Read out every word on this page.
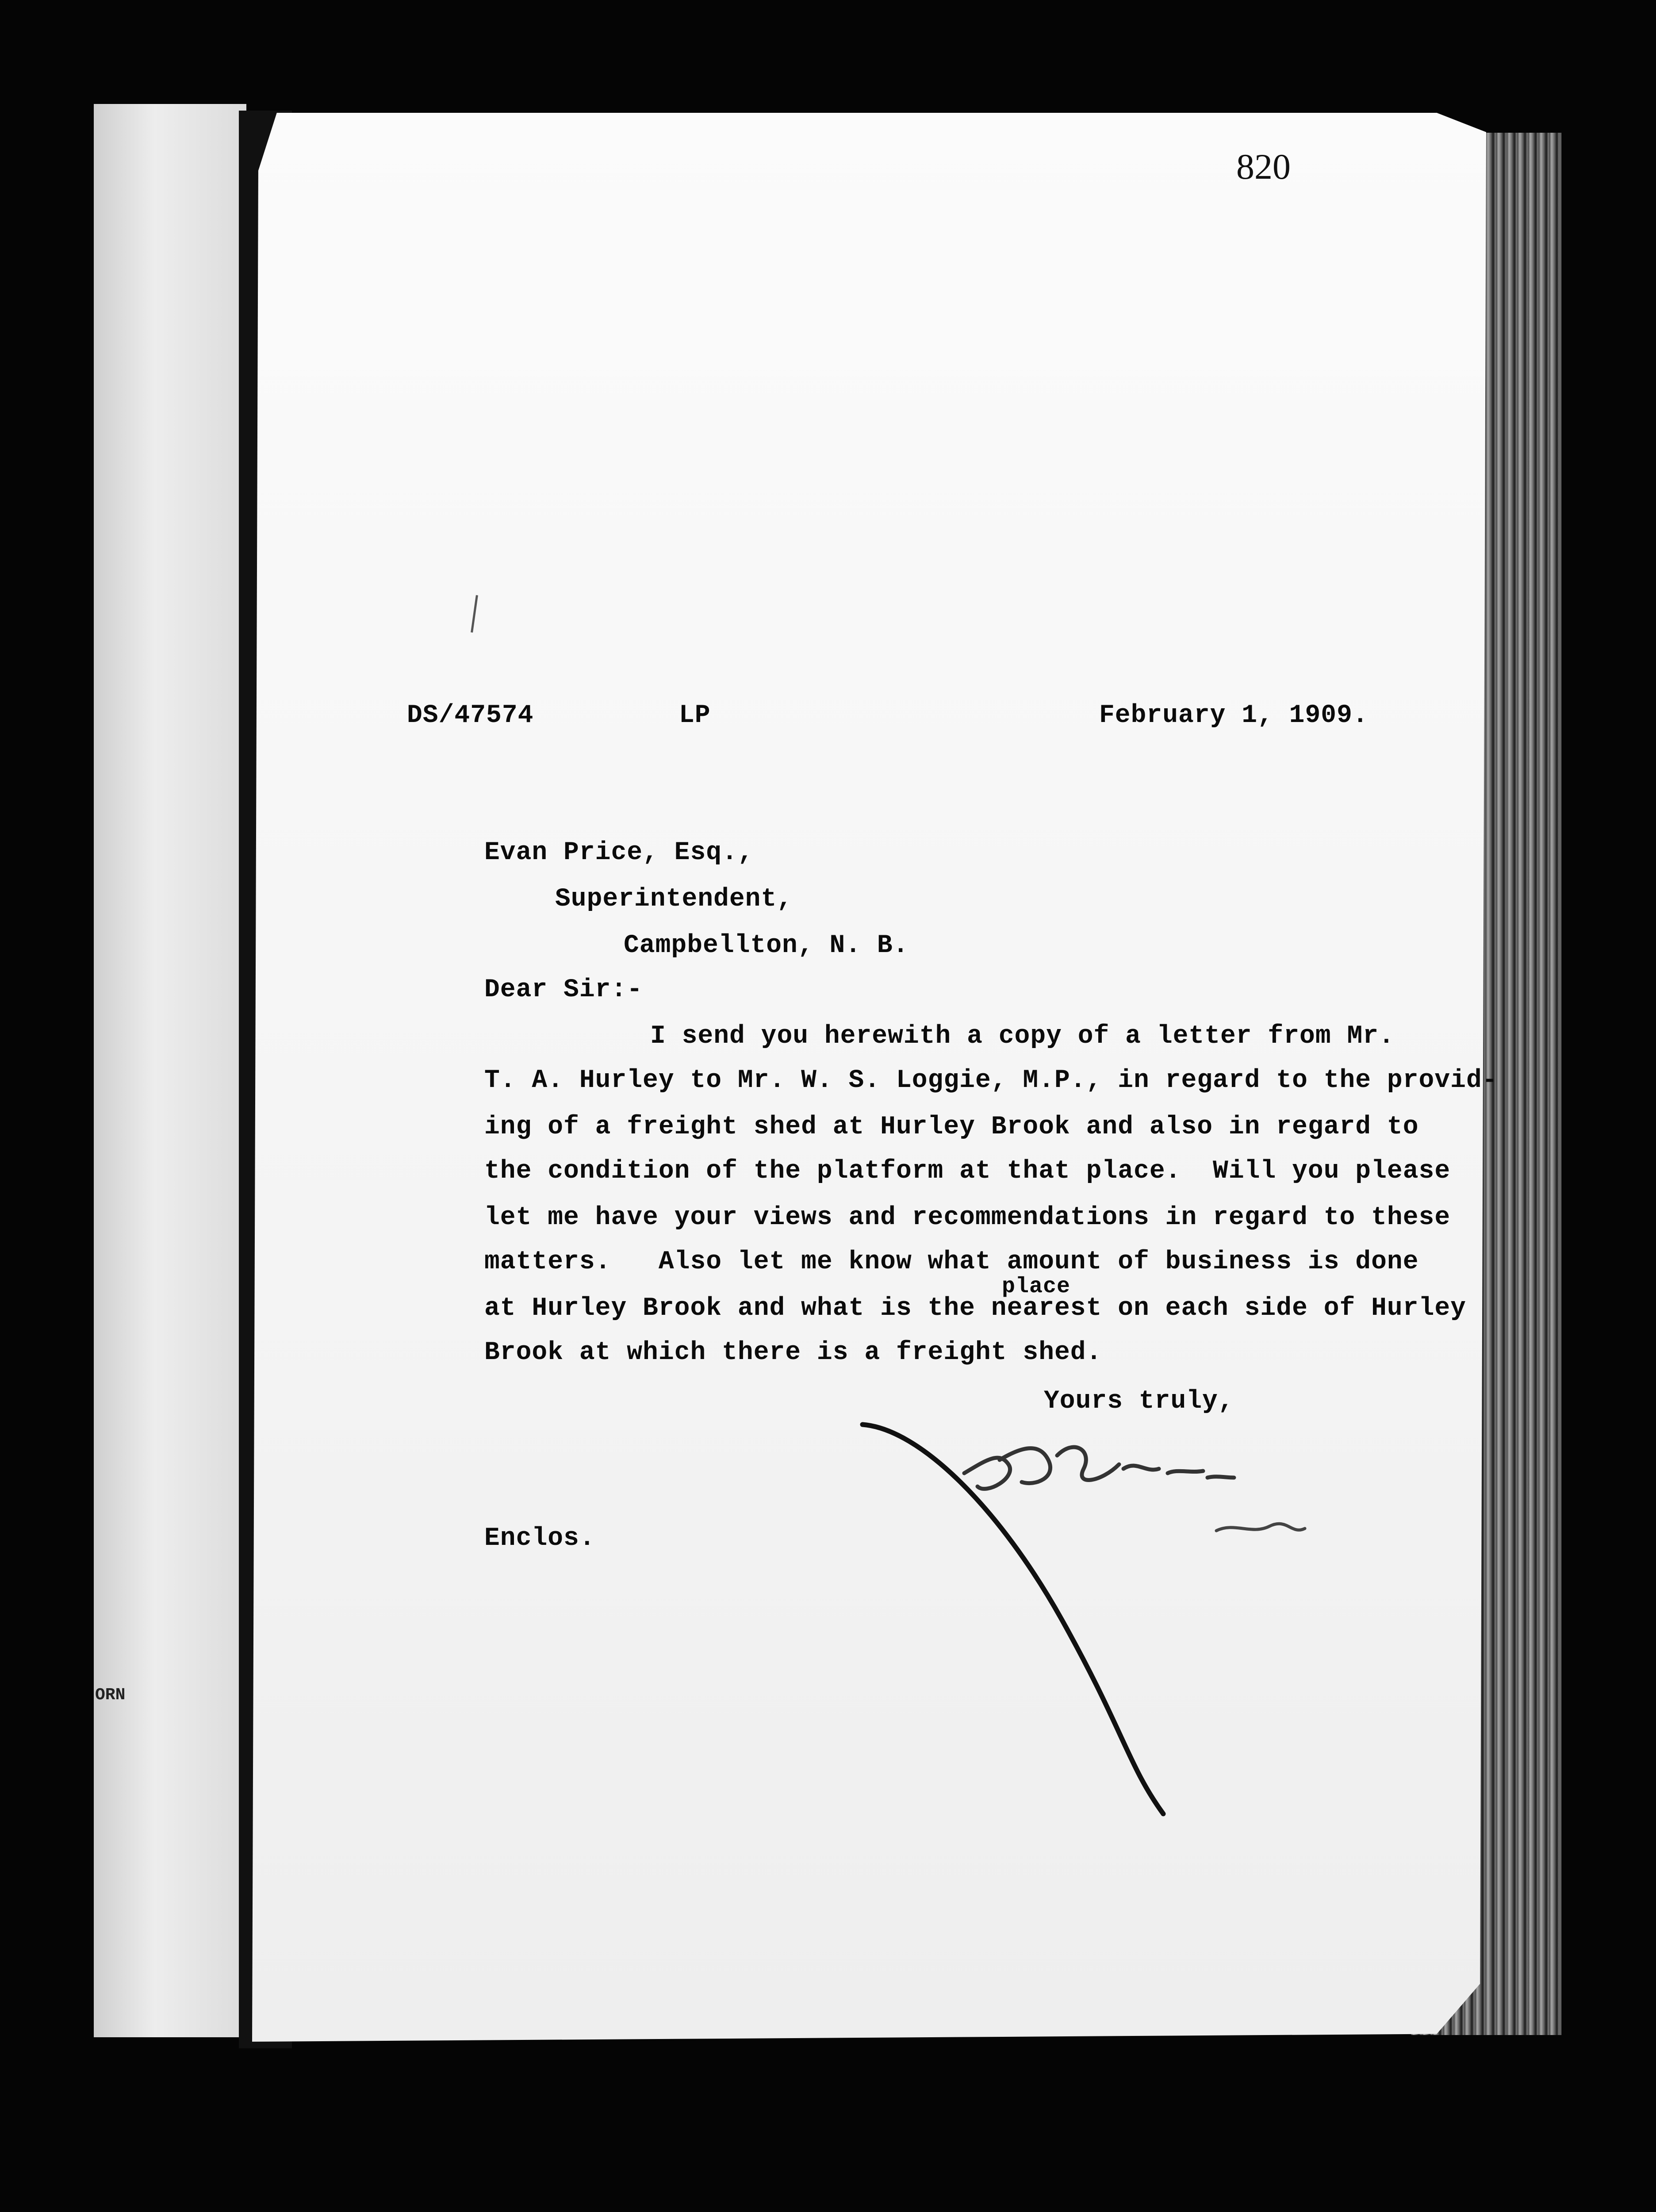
820
DS/47574	LP	February 1, 1909.
Evan Price, Esq.,
Superintendent,
Campbellton, N. B.
Dear Sir:-
I send you herewith a copy of a letter from Mr.
T. A. Hurley to Mr. W. S. Loggie, M.P., in regard to the provid-
ing of a freight shed at Hurley Brook and also in regard to
the condition of the platform at that place.  Will you please
let me have your views and recommendations in regard to these
matters.   Also let me know what amount of business is done
place
at Hurley Brook and what is the nearest on each side of Hurley
Brook at which there is a freight shed.
Yours truly,
Enclos.
ORN
